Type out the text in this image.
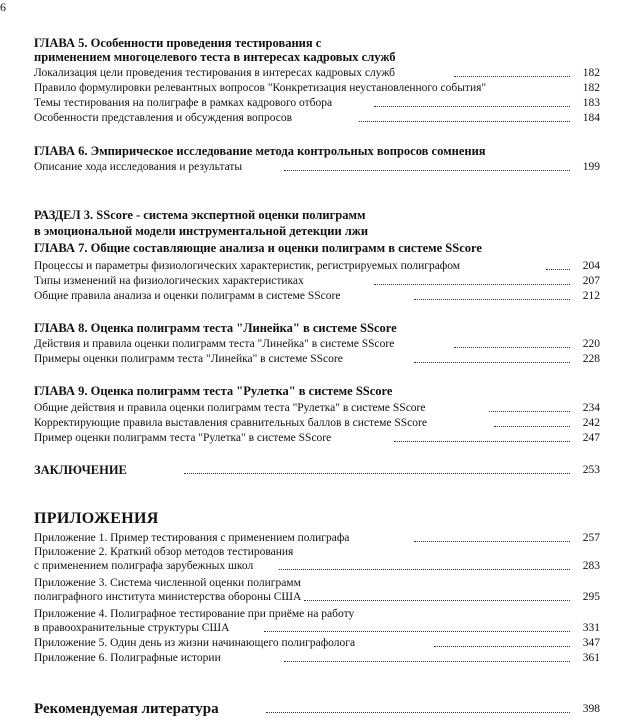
6
ГЛАВА 5. Особенности проведения тестирования с
применением многоцелевого теста в интересах кадровых служб
Локализация цели проведения тестирования в интересах кадровых служб	182
Правило формулировки релевантных вопросов "Конкретизация неустановленного события"	182
Темы тестирования на полиграфе в рамках кадрового отбора	183
Особенности представления и обсуждения вопросов	184
ГЛАВА 6. Эмпирическое исследование метода контрольных вопросов сомнения
Описание хода исследования и результаты	199
РАЗДЕЛ 3. SScore - система экспертной оценки полиграмм
в эмоциональной модели инструментальной детекции лжи
ГЛАВА 7. Общие составляющие анализа и оценки полиграмм в системе SScore
Процессы и параметры физиологических характеристик, регистрируемых полиграфом	204
Типы изменений на физиологических характеристиках	207
Общие правила анализа и оценки полиграмм в системе SScore	212
ГЛАВА 8. Оценка полиграмм теста "Линейка" в системе SScore
Действия и правила оценки полиграмм теста "Линейка" в системе SScore	220
Примеры оценки полиграмм теста "Линейка" в системе SScore	228
ГЛАВА 9. Оценка полиграмм теста "Рулетка" в системе SScore
Общие действия и правила оценки полиграмм теста "Рулетка" в системе SScore	234
Корректирующие правила выставления сравнительных баллов в системе SScore	242
Пример оценки полиграмм теста "Рулетка" в системе SScore	247
ЗАКЛЮЧЕНИЕ	253
ПРИЛОЖЕНИЯ
Приложение 1. Пример тестирования с применением полиграфа	257
Приложение 2. Краткий обзор методов тестирования
с применением полиграфа зарубежных школ	283
Приложение 3. Система численной оценки полиграмм
полиграфного института министерства обороны США	295
Приложение 4. Полиграфное тестирование при приёме на работу
в правоохранительные структуры США	331
Приложение 5. Один день из жизни начинающего полиграфолога	347
Приложение 6. Полиграфные истории	361
Рекомендуемая литература	398
